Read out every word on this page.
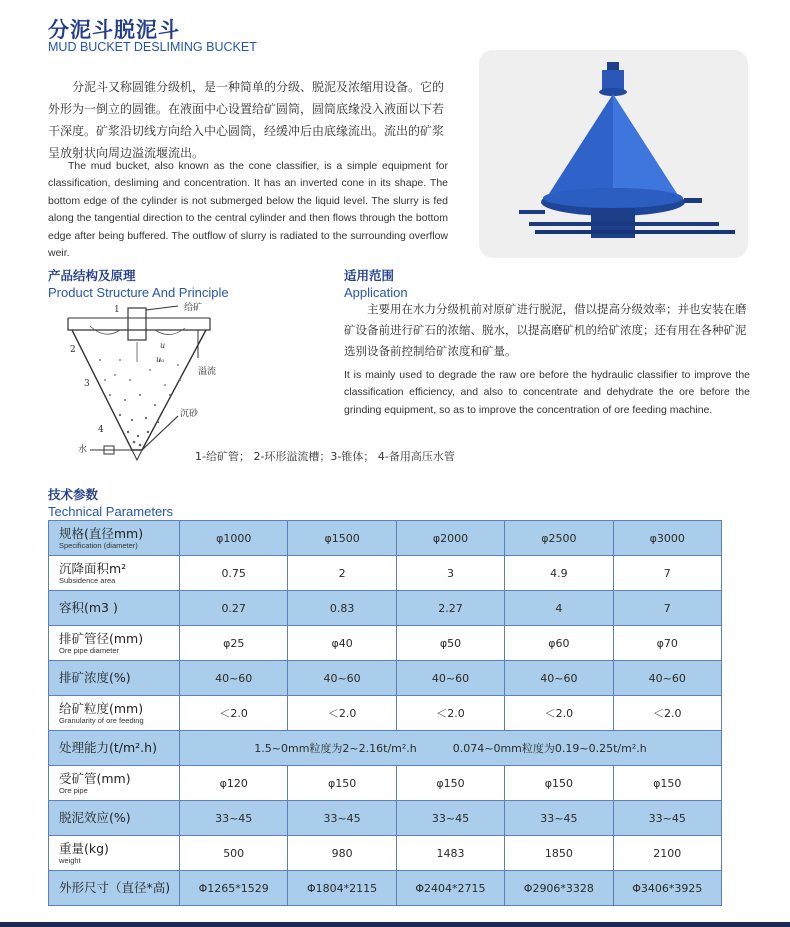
分泥斗脱泥斗
MUD BUCKET DESLIMING BUCKET

分泥斗又称圆锥分级机，是一种简单的分级、脱泥及浓缩用设备。它的外形为一倒立的圆锥。在液面中心设置给矿圆筒，圆筒底缘没入液面以下若干深度。矿浆沿切线方向给入中心圆筒，经缓冲后由底缘流出。流出的矿浆呈放射状向周边溢流堰流出。

The mud bucket, also known as the cone classifier, is a simple equipment for classification, desliming and concentration. It has an inverted cone in its shape. The bottom edge of the cylinder is not submerged below the liquid level. The slurry is fed along the tangential direction to the central cylinder and then flows through the bottom edge after being buffered. The outflow of slurry is radiated to the surrounding overflow weir.

产品结构及原理
Product Structure And Principle
适用范围
Application
1	给矿
2
3
4
溢流
沉砂
水
u
uₐ
1-给矿管； 2-环形溢流槽；3-锥体； 4-备用高压水管

主要用在水力分级机前对原矿进行脱泥，借以提高分级效率；并也安装在磨矿设备前进行矿石的浓缩、脱水，以提高磨矿机的给矿浓度；还有用在各种矿泥选别设备前控制给矿浓度和矿量。

It is mainly used to degrade the raw ore before the hydraulic classifier to improve the classification efficiency, and also to concentrate and dehydrate the ore before the grinding equipment, so as to improve the concentration of ore feeding machine.

技术参数
Technical Parameters
规格(直径mm)
Specification (diameter)	φ1000	φ1500	φ2000	φ2500	φ3000

沉降面积m²
Subsidence area	0.75	2	3	4.9	7

容积(m3 )	0.27	0.83	2.27	4	7

排矿管径(mm)
Ore pipe diameter	φ25	φ40	φ50	φ60	φ70

排矿浓度(%)	40~60	40~60	40~60	40~60	40~60

给矿粒度(mm)
Granularity of ore feeding	＜2.0	＜2.0	＜2.0	＜2.0	＜2.0

处理能力(t/m².h)	1.5~0mm粒度为2~2.16t/m².h 0.074~0mm粒度为0.19~0.25t/m².h				

受矿管(mm)
Ore pipe	φ120	φ150	φ150	φ150	φ150

脱泥效应(%)	33~45	33~45	33~45	33~45	33~45

重量(kg)
weight	500	980	1483	1850	2100

外形尺寸（直径*高)	Φ1265*1529	Φ1804*2115	Φ2404*2715	Φ2906*3328	Φ3406*3925
